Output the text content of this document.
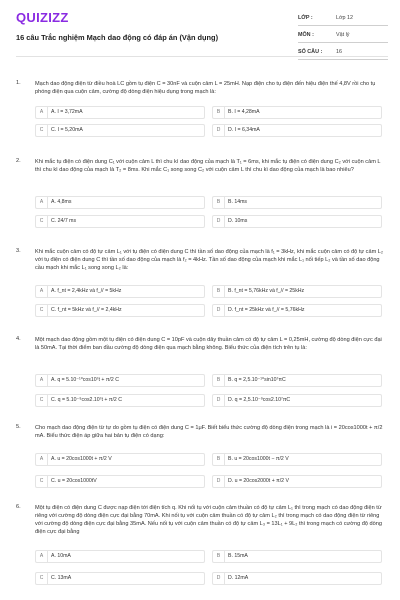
QUIZIZZ
16 câu Trắc nghiệm Mạch dao động có đáp án (Vận dụng)
LỚP :	Lớp 12
MÔN :	Vật lý
SỐ CÂU :	16
1.	Mạch dao động điện từ điều hoà LC gồm tụ điện C = 30nF và cuộn cảm L = 25mH. Nạp điện cho tụ điện đến hiệu điện thế 4,8V rồi cho tụ phóng điện qua cuộn cảm, cường độ dòng điện hiệu dụng trong mạch là:
A	A. I = 3,72mA	B	B. I = 4,28mA
C	C. I = 5,20mA	D	D. I = 6,34mA
2.	Khi mắc tụ điện có điện dung C₁ với cuộn cảm L thì chu kì dao động của mạch là T₁ = 6ms, khi mắc tụ điện có điện dung C₂ với cuộn cảm L thì chu kì dao động của mạch là T₂ = 8ms. Khi mắc C₁ song song C₂ với cuộn cảm L thì chu kì dao động của mạch là bao nhiêu?
A	A. 4,8ms	B	B. 14ms
C	C. 24/7 ms	D	D. 10ms
3.	Khi mắc cuộn cảm có độ tự cảm L₁ với tụ điện có điện dung C thì tần số dao động của mạch là f₁ = 3kHz, khi mắc cuộn cảm có độ tự cảm L₂ với tụ điện có điện dung C thì tần số dao động của mạch là f₂ = 4kHz. Tần số dao động của mạch khi mắc L₁ nối tiếp L₂ và tần số dao động cầu mạch khi mắc L₁ song song L₂ là:
A	A. f_nt = 2,4kHz và f_// = 5kHz	B	B. f_nt = 5,76kHz và f_// = 25kHz
C	C. f_nt = 5kHz và f_// = 2,4kHz	D	D. f_nt = 25kHz và f_// = 5,76kHz
4.	Một mạch dao động gồm một tụ điện có điện dung C = 10pF và cuộn dây thuần cảm có độ tự cảm L = 0,25mH, cường độ dòng điện cực đại là 50mA. Tại thời điểm ban đầu cường độ dòng điện qua mạch bằng không. Biểu thức của điện tích trên tụ là:
A	A. q = 5.10⁻¹⁰cos10⁷t + π/2 C	B	B. q = 2,5.10⁻¹⁰sin10⁷πC
C	C. q = 5.10⁻⁹cos2.10⁷t + π/2 C	D	D. q = 2,5.10⁻⁹cos2.10⁷πC
5.	Cho mạch dao động điện từ tự do gồm tụ điện có điện dung C = 1μF. Biết biểu thức cường độ dòng điện trong mạch là i = 20cos1000t + π/2 mA. Biểu thức điện áp giữa hai bản tụ điện có dạng:
A	A. u = 20cos1000t + π/2 V	B	B. u = 20cos1000t − π/2 V
C	C. u = 20cos1000tV	D	D. u = 20cos2000t + π/2 V
6.	Một tụ điện có điện dung C được nạp điện tới điện tích q. Khi nối tụ với cuộn cảm thuần có độ tự cảm L₁ thì trong mạch có dao động điện từ riêng với cường độ dòng điện cực đại bằng 70mA. Khi nối tụ với cuộn cảm thuần có độ tự cảm L₂ thì trong mạch có dao động điện từ riêng với cường độ dòng điện cực đại bằng 35mA. Nếu nối tụ với cuộn cảm thuần có độ tự cảm L₃ = 13L₁ + 9L₂ thì trong mạch có cường độ dòng điện cực đại bằng
A	A. 10mA	B	B. 15mA
C	C. 13mA	D	D. 12mA
